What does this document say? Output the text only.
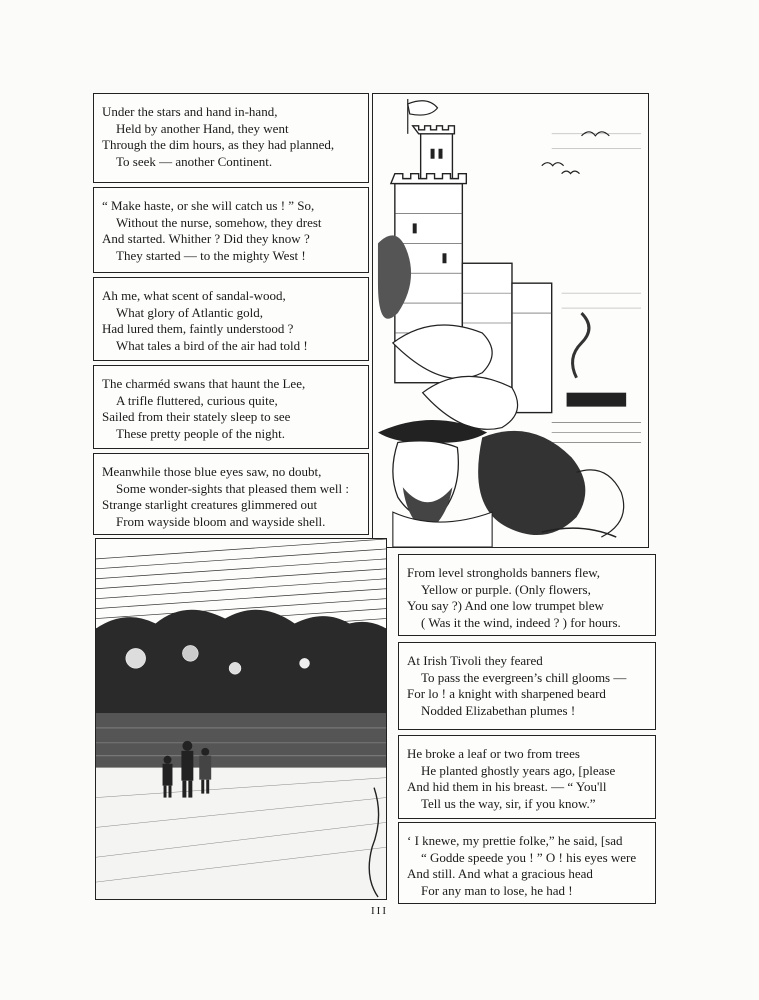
Under the stars and hand in-hand,
Held by another Hand, they went
Through the dim hours, as they had planned,
To seek — another Continent.
“ Make haste, or she will catch us ! ” So,
Without the nurse, somehow, they drest
And started. Whither ? Did they know ?
They started — to the mighty West !
Ah me, what scent of sandal-wood,
What glory of Atlantic gold,
Had lured them, faintly understood ?
What tales a bird of the air had told !
The charméd swans that haunt the Lee,
A trifle fluttered, curious quite,
Sailed from their stately sleep to see
These pretty people of the night.
Meanwhile those blue eyes saw, no doubt,
Some wonder-sights that pleased them well :
Strange starlight creatures glimmered out
From wayside bloom and wayside shell.
From level strongholds banners flew,
Yellow or purple. (Only flowers,
You say ?) And one low trumpet blew
( Was it the wind, indeed ? ) for hours.
At Irish Tivoli they feared
To pass the evergreen’s chill glooms —
For lo ! a knight with sharpened beard
Nodded Elizabethan plumes !
He broke a leaf or two from trees
He planted ghostly years ago, [please
And hid them in his breast. — “ You'll
Tell us the way, sir, if you know.”
‘ I knewe, my prettie folke,” he said, [sad
“ Godde speede you ! ” O ! his eyes were
And still. And what a gracious head
For any man to lose, he had !
III
